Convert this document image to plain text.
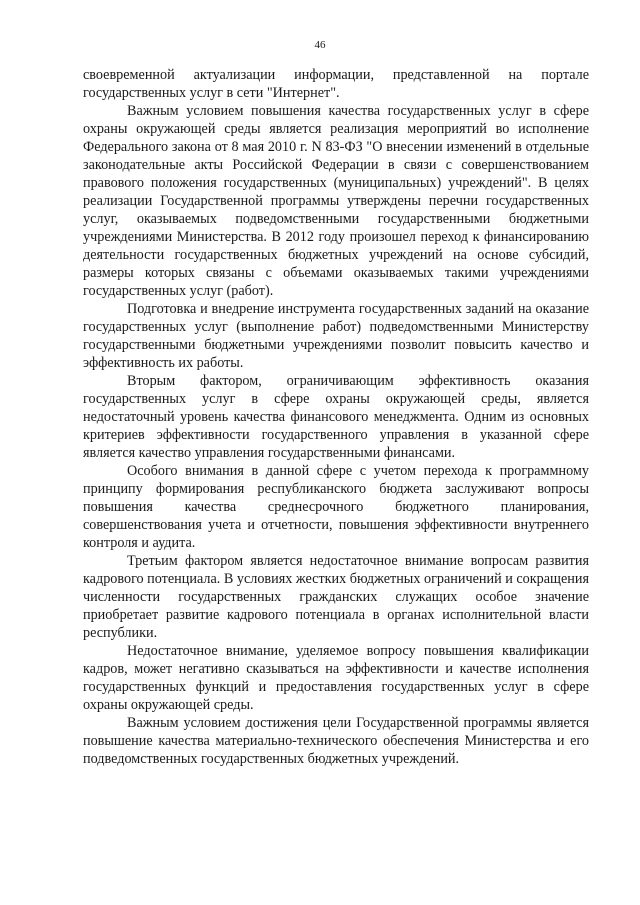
46

своевременной актуализации информации, представленной на портале государственных услуг в сети "Интернет".

Важным условием повышения качества государственных услуг в сфере охраны окружающей среды является реализация мероприятий во исполнение Федерального закона от 8 мая 2010 г. N 83-ФЗ "О внесении изменений в отдельные законодательные акты Российской Федерации в связи с совершенствованием правового положения государственных (муниципальных) учреждений". В целях реализации Государственной программы утверждены перечни государственных услуг, оказываемых подведомственными государственными бюджетными учреждениями Министерства. В 2012 году произошел переход к финансированию деятельности государственных бюджетных учреждений на основе субсидий, размеры которых связаны с объемами оказываемых такими учреждениями государственных услуг (работ).

Подготовка и внедрение инструмента государственных заданий на оказание государственных услуг (выполнение работ) подведомственными Министерству государственными бюджетными учреждениями позволит повысить качество и эффективность их работы.

Вторым фактором, ограничивающим эффективность оказания государственных услуг в сфере охраны окружающей среды, является недостаточный уровень качества финансового менеджмента. Одним из основных критериев эффективности государственного управления в указанной сфере является качество управления государственными финансами.

Особого внимания в данной сфере с учетом перехода к программному принципу формирования республиканского бюджета заслуживают вопросы повышения качества среднесрочного бюджетного планирования, совершенствования учета и отчетности, повышения эффективности внутреннего контроля и аудита.

Третьим фактором является недостаточное внимание вопросам развития кадрового потенциала. В условиях жестких бюджетных ограничений и сокращения численности государственных гражданских служащих особое значение приобретает развитие кадрового потенциала в органах исполнительной власти республики.

Недостаточное внимание, уделяемое вопросу повышения квалификации кадров, может негативно сказываться на эффективности и качестве исполнения государственных функций и предоставления государственных услуг в сфере охраны окружающей среды.

Важным условием достижения цели Государственной программы является повышение качества материально-технического обеспечения Министерства и его подведомственных государственных бюджетных учреждений.
